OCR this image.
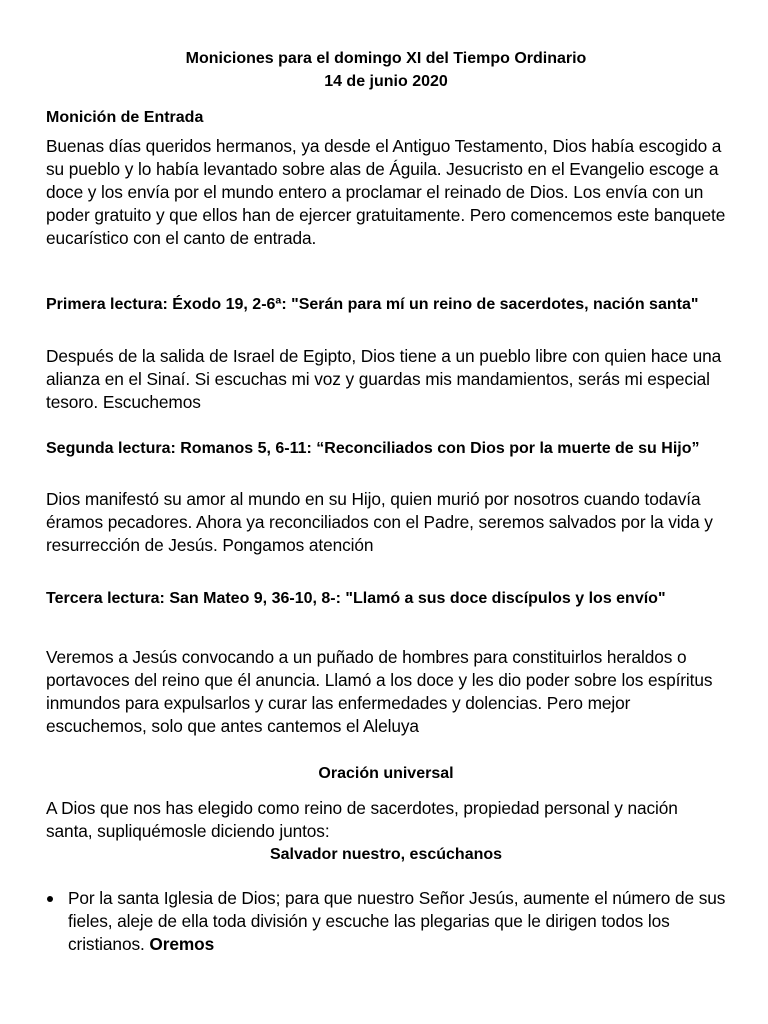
Moniciones para el domingo XI del Tiempo Ordinario

14 de junio 2020

Monición de Entrada

Buenas días queridos hermanos, ya desde el Antiguo Testamento, Dios había escogido a su pueblo y lo había levantado sobre alas de Águila. Jesucristo en el Evangelio escoge a doce y los envía por el mundo entero a proclamar el reinado de Dios. Los envía con un poder gratuito y que ellos han de ejercer gratuitamente. Pero comencemos este banquete eucarístico con el canto de entrada.

Primera lectura: Éxodo 19, 2-6ª: "Serán para mí un reino de sacerdotes, nación santa"

Después de la salida de Israel de Egipto, Dios tiene a un pueblo libre con quien hace una alianza en el Sinaí. Si escuchas mi voz y guardas mis mandamientos, serás mi especial tesoro. Escuchemos

Segunda lectura: Romanos 5, 6-11: “Reconciliados con Dios por la muerte de su Hijo”

Dios manifestó su amor al mundo en su Hijo, quien murió por nosotros cuando todavía éramos pecadores. Ahora ya reconciliados con el Padre, seremos salvados por la vida y resurrección de Jesús. Pongamos atención

Tercera lectura: San Mateo 9, 36-10, 8-: "Llamó a sus doce discípulos y los envío"

Veremos a Jesús convocando a un puñado de hombres para constituirlos heraldos o portavoces del reino que él anuncia. Llamó a los doce y les dio poder sobre los espíritus inmundos para expulsarlos y curar las enfermedades y dolencias. Pero mejor escuchemos, solo que antes cantemos el Aleluya

Oración universal

A Dios que nos has elegido como reino de sacerdotes, propiedad personal y nación santa, supliquémosle diciendo juntos:

Salvador nuestro, escúchanos

Por la santa Iglesia de Dios; para que nuestro Señor Jesús, aumente el número de sus fieles, aleje de ella toda división y escuche las plegarias que le dirigen todos los cristianos. Oremos
